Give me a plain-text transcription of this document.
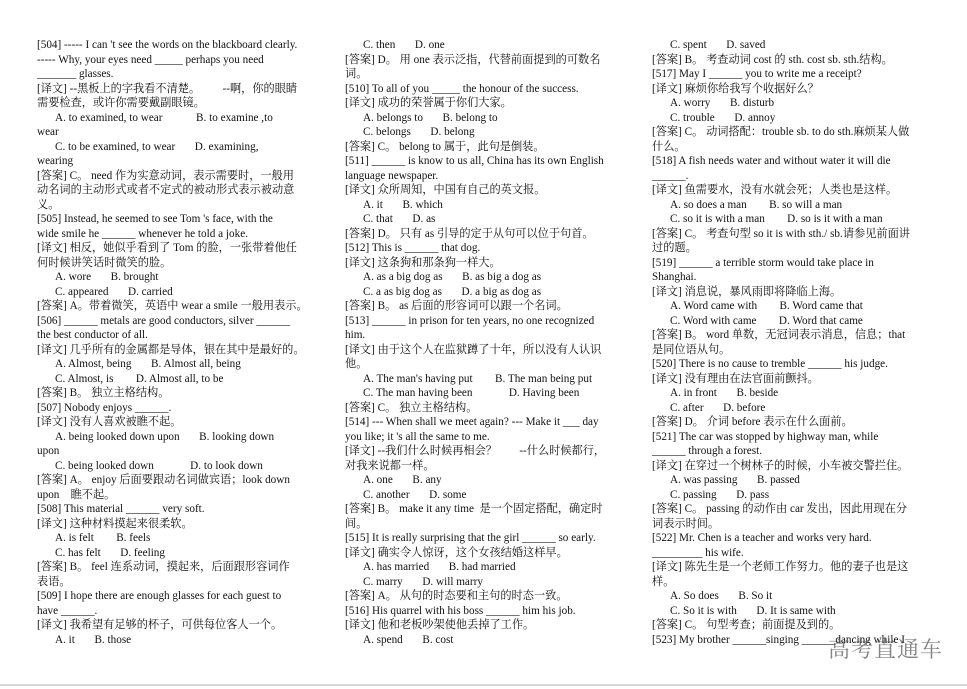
[504] ----- I can 't see the words on the blackboard clearly.
----- Why, your eyes need _____ perhaps you need
_______ glasses.
[译文] --黑板上的字我看不清楚。        --啊，你的眼睛
需要检查，或许你需要戴副眼镜。
A. to examined, to wear            B. to examine ,to
wear
C. to be examined, to wear       D. examining,
wearing
[答案] C。 need 作为实意动词，表示需要时，一般用
动名词的主动形式或者不定式的被动形式表示被动意
义。
[505] Instead, he seemed to see Tom 's face, with the
wide smile he ______ whenever he told a joke.
[译文] 相反，她似乎看到了 Tom 的脸，一张带着他任
何时候讲笑话时微笑的脸。
A. wore       B. brought
C. appeared       D. carried
[答案] A。带着微笑，英语中 wear a smile 一般用表示。
[506] ______ metals are good conductors, silver ______
the best conductor of all.
[译文] 几乎所有的金属都是导体，银在其中是最好的。
A. Almost, being       B. Almost all, being
C. Almost, is        D. Almost all, to be
[答案] B。 独立主格结构。
[507] Nobody enjoys ______.
[译文] 没有人喜欢被瞧不起。
A. being looked down upon       B. looking down
upon
C. being looked down             D. to look down
[答案] A。 enjoy 后面要跟动名词做宾语；look down
upon    瞧不起。
[508] This material ______ very soft.
[译文] 这种材料摸起来很柔软。
A. is felt        B. feels
C. has felt       D. feeling
[答案] B。 feel 连系动词，摸起来，后面跟形容词作
表语。
[509] I hope there are enough glasses for each guest to
have ______.
[译文] 我希望有足够的杯子，可供每位客人一个。
A. it       B. those
C. then       D. one
[答案] D。 用 one 表示泛指，代替前面提到的可数名
词。
[510] To all of you _____ the honour of the success.
[译文] 成功的荣誉属于你们大家。
A. belongs to       B. belong to
C. belongs       D. belong
[答案] C。 belong to 属于，此句是倒装。
[511] ______ is know to us all, China has its own English
language newspaper.
[译文] 众所周知，中国有自己的英文报。
A. it       B. which
C. that       D. as
[答案] D。 只有 as 引导的定于从句可以位于句首。
[512] This is ______ that dog.
[译文] 这条狗和那条狗一样大。
A. as a big dog as       B. as big a dog as
C. a as big dog as       D. a big as dog as
[答案] B。 as 后面的形容词可以跟一个名词。
[513] ______ in prison for ten years, no one recognized
him.
[译文] 由于这个人在监狱蹲了十年，所以没有人认识
他。
A. The man's having put        B. The man being put
C. The man having been             D. Having been
[答案] C。 独立主格结构。
[514] --- When shall we meet again? --- Make it ___ day
you like; it 's all the same to me.
[译文] --我们什么时候再相会？        --什么时候都行，
对我来说都一样。
A. one       B. any
C. another       D. some
[答案] B。 make it any time  是一个固定搭配，确定时
间。
[515] It is really surprising that the girl ______ so early.
[译文] 确实令人惊讶，这个女孩结婚这样早。
A. has married       B. had married
C. marry       D. will marry
[答案] A。 从句的时态要和主句的时态一致。
[516] His quarrel with his boss ______ him his job.
[译文] 他和老板吵架使他丢掉了工作。
A. spend       B. cost
C. spent       D. saved
[答案] B。 考查动词 cost 的 sth. cost sb. sth.结构。
[517] May I ______ you to write me a receipt?
[译文] 麻烦你给我写个收据好么？
A. worry       B. disturb
C. trouble       D. annoy
[答案] C。 动词搭配：trouble sb. to do sth.麻烦某人做
什么。
[518] A fish needs water and without water it will die
______.
[译文] 鱼需要水，没有水就会死；人类也是这样。
A. so does a man        B. so will a man
C. so it is with a man        D. so is it with a man
[答案] C。 考查句型 so it is with sth./ sb.请参见前面讲
过的题。
[519] ______ a terrible storm would take place in
Shanghai.
[译文] 消息说，暴风雨即将降临上海。
A. Word came with        B. Word came that
C. Word with came        D. Word that came
[答案] B。 word 单数，无冠词表示消息，信息；that
是同位语从句。
[520] There is no cause to tremble ______ his judge.
[译文] 没有理由在法官面前颤抖。
A. in front       B. beside
C. after       D. before
[答案] D。 介词 before 表示在什么面前。
[521] The car was stopped by highway man, while
______ through a forest.
[译文] 在穿过一个树林子的时候，小车被交警拦住。
A. was passing       B. passed
C. passing       D. pass
[答案] C。 passing 的动作由 car 发出，因此用现在分
词表示时间。
[522] Mr. Chen is a teacher and works very hard.
_________ his wife.
[译文] 陈先生是一个老师工作努力。他的妻子也是这
样。
A. So does       B. So it
C. So it is with       D. It is same with
[答案] C。 句型考查；前面提及到的。
[523] My brother ______singing ______dancing while I
高考直通车
